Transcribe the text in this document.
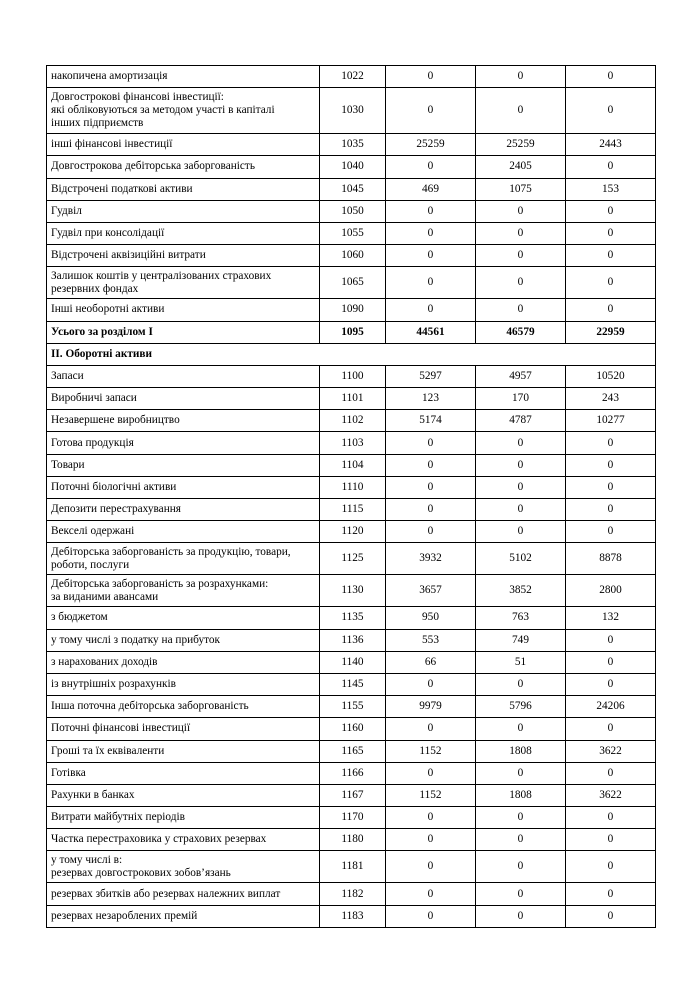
накопичена амортизація	1022	0	0	0
Довгострокові фінансові інвестиції:
які обліковуються за методом участі в капіталі
інших підприємств	1030	0	0	0
інші фінансові інвестиції	1035	25259	25259	2443
Довгострокова дебіторська заборгованість	1040	0	2405	0
Відстрочені податкові активи	1045	469	1075	153
Гудвіл	1050	0	0	0
Гудвіл при консолідації	1055	0	0	0
Відстрочені аквізиційні витрати	1060	0	0	0
Залишок коштів у централізованих страхових
резервних фондах	1065	0	0	0
Інші необоротні активи	1090	0	0	0
Усього за розділом I	1095	44561	46579	22959
II. Оборотні активи				
Запаси	1100	5297	4957	10520
Виробничі запаси	1101	123	170	243
Незавершене виробництво	1102	5174	4787	10277
Готова продукція	1103	0	0	0
Товари	1104	0	0	0
Поточні біологічні активи	1110	0	0	0
Депозити перестрахування	1115	0	0	0
Векселі одержані	1120	0	0	0
Дебіторська заборгованість за продукцію, товари,
роботи, послуги	1125	3932	5102	8878
Дебіторська заборгованість за розрахунками:
за виданими авансами	1130	3657	3852	2800
з бюджетом	1135	950	763	132
у тому числі з податку на прибуток	1136	553	749	0
з нарахованих доходів	1140	66	51	0
із внутрішніх розрахунків	1145	0	0	0
Інша поточна дебіторська заборгованість	1155	9979	5796	24206
Поточні фінансові інвестиції	1160	0	0	0
Гроші та їх еквіваленти	1165	1152	1808	3622
Готівка	1166	0	0	0
Рахунки в банках	1167	1152	1808	3622
Витрати майбутніх періодів	1170	0	0	0
Частка перестраховика у страхових резервах	1180	0	0	0
у тому числі в:
резервах довгострокових зобов’язань	1181	0	0	0
резервах збитків або резервах належних виплат	1182	0	0	0
резервах незароблених премій	1183	0	0	0
